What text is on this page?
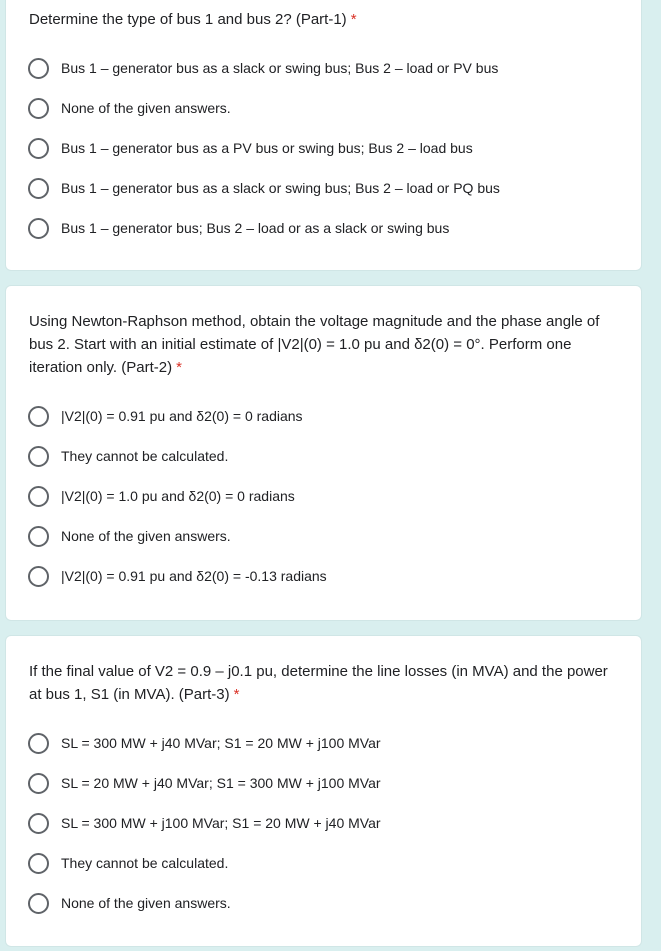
Determine the type of bus 1 and bus 2? (Part-1) *

Bus 1 – generator bus as a slack or swing bus; Bus 2 – load or PV bus
None of the given answers.
Bus 1 – generator bus as a PV bus or swing bus; Bus 2 – load bus
Bus 1 – generator bus as a slack or swing bus; Bus 2 – load or PQ bus
Bus 1 – generator bus; Bus 2 – load or as a slack or swing bus

Using Newton-Raphson method, obtain the voltage magnitude and the phase angle of bus 2. Start with an initial estimate of |V2|(0) = 1.0 pu and δ2(0) = 0°. Perform one iteration only. (Part-2) *

|V2|(0) = 0.91 pu and δ2(0) = 0 radians
They cannot be calculated.
|V2|(0) = 1.0 pu and δ2(0) = 0 radians
None of the given answers.
|V2|(0) = 0.91 pu and δ2(0) = -0.13 radians

If the final value of V2 = 0.9 – j0.1 pu, determine the line losses (in MVA) and the power at bus 1, S1 (in MVA). (Part-3) *

SL = 300 MW + j40 MVar; S1 = 20 MW + j100 MVar
SL = 20 MW + j40 MVar; S1 = 300 MW + j100 MVar
SL = 300 MW + j100 MVar; S1 = 20 MW + j40 MVar
They cannot be calculated.
None of the given answers.
